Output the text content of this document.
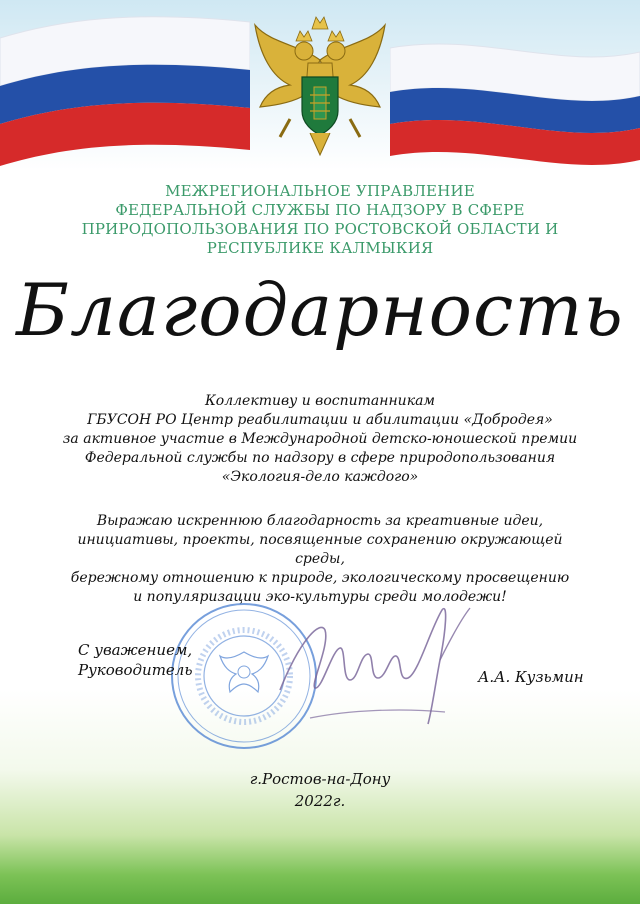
МЕЖРЕГИОНАЛЬНОЕ УПРАВЛЕНИЕ
ФЕДЕРАЛЬНОЙ СЛУЖБЫ ПО НАДЗОРУ В СФЕРЕ
ПРИРОДОПОЛЬЗОВАНИЯ ПО РОСТОВСКОЙ ОБЛАСТИ И
РЕСПУБЛИКЕ КАЛМЫКИЯ
Благодарность
Коллективу и воспитанникам
ГБУСОН РО Центр реабилитации и абилитации «Добродея»
за активное участие в Международной детско-юношеской премии
Федеральной службы по надзору в сфере природопользования
«Экология-дело каждого»
Выражаю искреннюю благодарность за креативные идеи,
инициативы, проекты, посвященные сохранению окружающей среды,
бережному отношению к природе, экологическому просвещению
и популяризации эко-культуры среди молодежи!
С уважением,
Руководитель	А.А. Кузьмин
г.Ростов-на-Дону
2022г.
